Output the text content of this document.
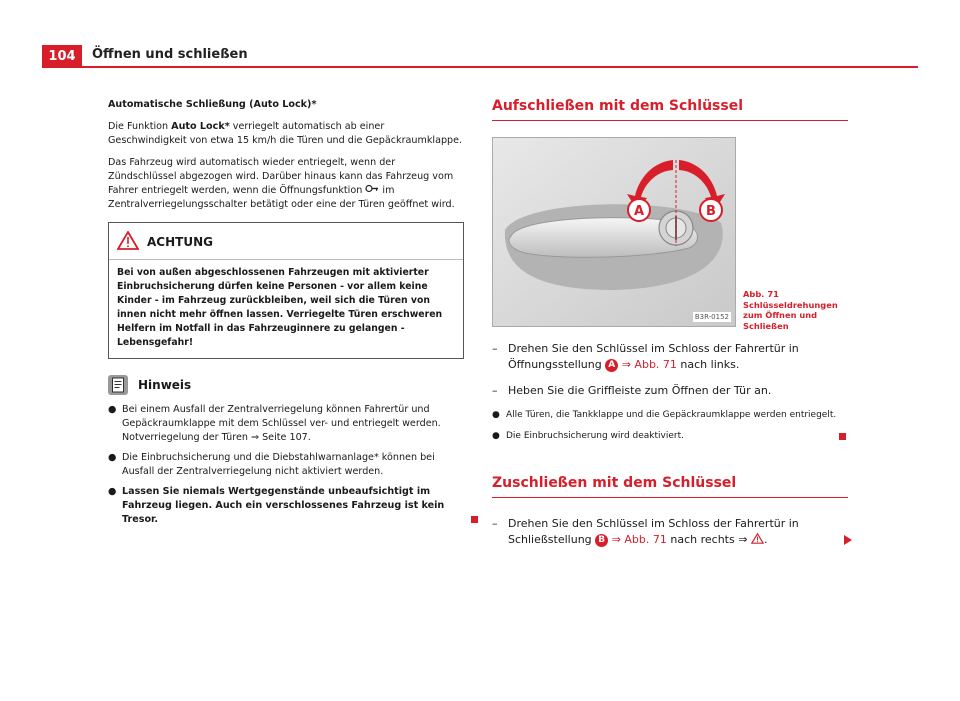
104	Öffnen und schließen

Automatische Schließung (Auto Lock)*

Die Funktion Auto Lock* verriegelt automatisch ab einer Geschwindigkeit von etwa 15 km/h die Türen und die Gepäckraumklappe.

Das Fahrzeug wird automatisch wieder entriegelt, wenn der Zündschlüssel abgezogen wird. Darüber hinaus kann das Fahrzeug vom Fahrer entriegelt werden, wenn die Öffnungsfunktion im Zentralverriegelungsschalter betätigt oder eine der Türen geöffnet wird.

ACHTUNG
Bei von außen abgeschlossenen Fahrzeugen mit aktivierter Einbruchsicherung dürfen keine Personen - vor allem keine Kinder - im Fahrzeug zurückbleiben, weil sich die Türen von innen nicht mehr öffnen lassen. Verriegelte Türen erschweren Helfern im Notfall in das Fahrzeuginnere zu gelangen - Lebensgefahr!
Hinweis
● Bei einem Ausfall der Zentralverriegelung können Fahrertür und Gepäckraumklappe mit dem Schlüssel ver- und entriegelt werden. Notverriegelung der Türen ⇒ Seite 107.
● Die Einbruchsicherung und die Diebstahlwarnanlage* können bei Ausfall der Zentralverriegelung nicht aktiviert werden.
● Lassen Sie niemals Wertgegenstände unbeaufsichtigt im Fahrzeug liegen. Auch ein verschlossenes Fahrzeug ist kein Tresor.
Aufschließen mit dem Schlüssel
A	B
B3R-0152
Abb. 71 Schlüsseldrehungen zum Öffnen und Schließen
– Drehen Sie den Schlüssel im Schloss der Fahrertür in Öffnungsstellung A ⇒ Abb. 71 nach links.
– Heben Sie die Griffleiste zum Öffnen der Tür an.
● Alle Türen, die Tankklappe und die Gepäckraumklappe werden entriegelt.
● Die Einbruchsicherung wird deaktiviert.
Zuschließen mit dem Schlüssel
– Drehen Sie den Schlüssel im Schloss der Fahrertür in Schließstellung B ⇒ Abb. 71 nach rechts ⇒ .
